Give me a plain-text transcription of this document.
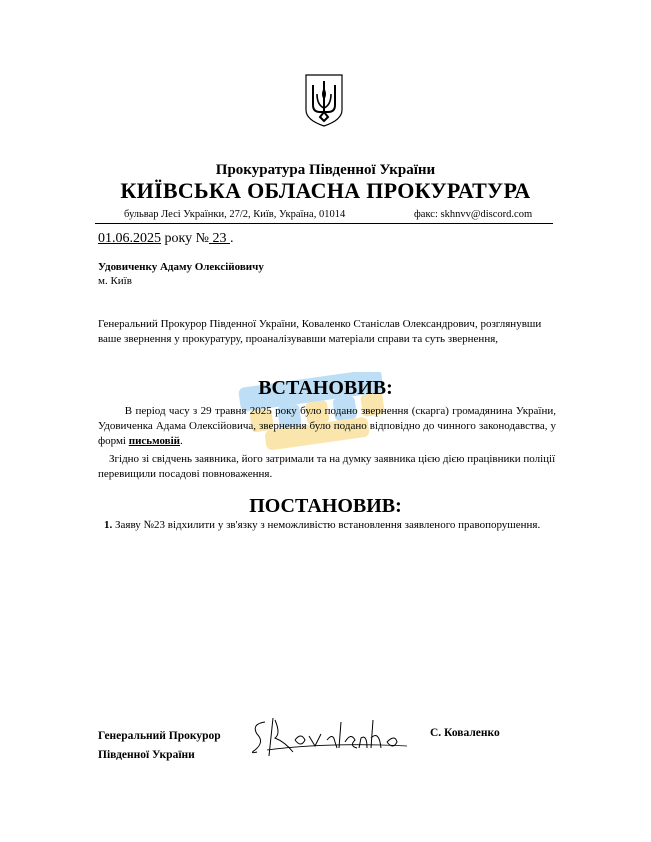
Прокуратура Південної України
КИЇВСЬКА ОБЛАСНА ПРОКУРАТУРА
бульвар Лесі Українки, 27/2, Київ, Україна, 01014	факс: skhnvv@discord.com
01.06.2025 року № 23 .
Удовиченку Адаму Олексійовичу
м. Київ
Генеральний Прокурор Південної України, Коваленко Станіслав Олександрович, розглянувши ваше звернення у прокуратуру, проаналізувавши матеріали справи та суть звернення,
ВСТАНОВИВ:
В період часу з 29 травня 2025 року було подано звернення (скарга) громадянина України, Удовиченка Адама Олексійовича, звернення було подано відповідно до чинного законодавства, у формі письмовій.
Згідно зі свідчень заявника, його затримали та на думку заявника цією дією працівники поліції перевищили посадові повноваження.
ПОСТАНОВИВ:
1. Заяву №23 відхилити у зв'язку з неможливістю встановлення заявленого правопорушення.
Генеральний Прокурор
Південної України
С. Коваленко
